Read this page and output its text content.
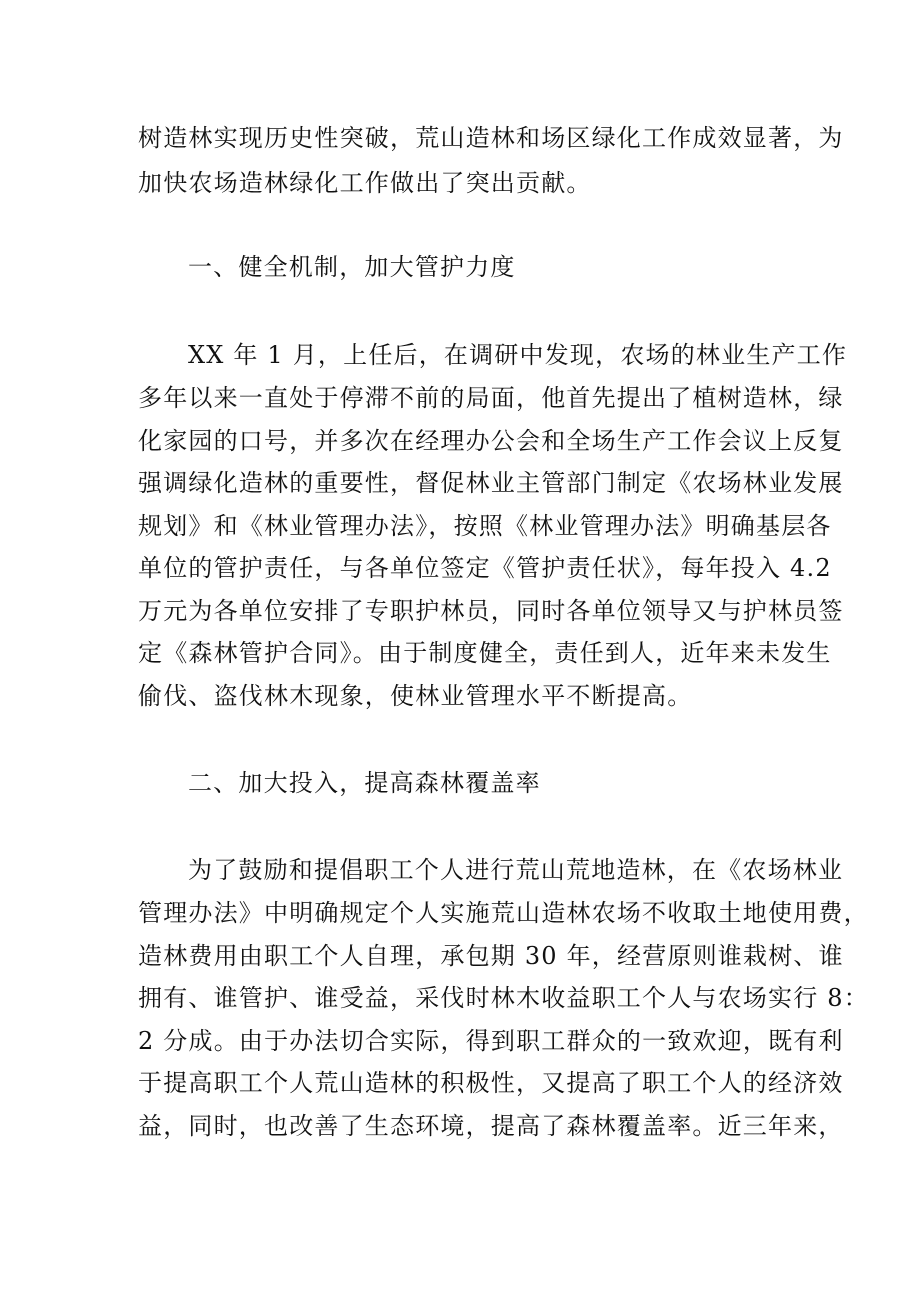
树造林实现历史性突破，荒山造林和场区绿化工作成效显著，为
加快农场造林绿化工作做出了突出贡献。
一、健全机制，加大管护力度
XX 年 1 月，上任后，在调研中发现，农场的林业生产工作
多年以来一直处于停滞不前的局面，他首先提出了植树造林，绿
化家园的口号，并多次在经理办公会和全场生产工作会议上反复
强调绿化造林的重要性，督促林业主管部门制定《农场林业发展
规划》和《林业管理办法》，按照《林业管理办法》明确基层各
单位的管护责任，与各单位签定《管护责任状》，每年投入 4.2
万元为各单位安排了专职护林员，同时各单位领导又与护林员签
定《森林管护合同》。由于制度健全，责任到人，近年来未发生
偷伐、盗伐林木现象，使林业管理水平不断提高。
二、加大投入，提高森林覆盖率
为了鼓励和提倡职工个人进行荒山荒地造林，在《农场林业
管理办法》中明确规定个人实施荒山造林农场不收取土地使用费，
造林费用由职工个人自理，承包期 30 年，经营原则谁栽树、谁
拥有、谁管护、谁受益，采伐时林木收益职工个人与农场实行 8：
2 分成。由于办法切合实际，得到职工群众的一致欢迎，既有利
于提高职工个人荒山造林的积极性，又提高了职工个人的经济效
益，同时，也改善了生态环境，提高了森林覆盖率。近三年来，
